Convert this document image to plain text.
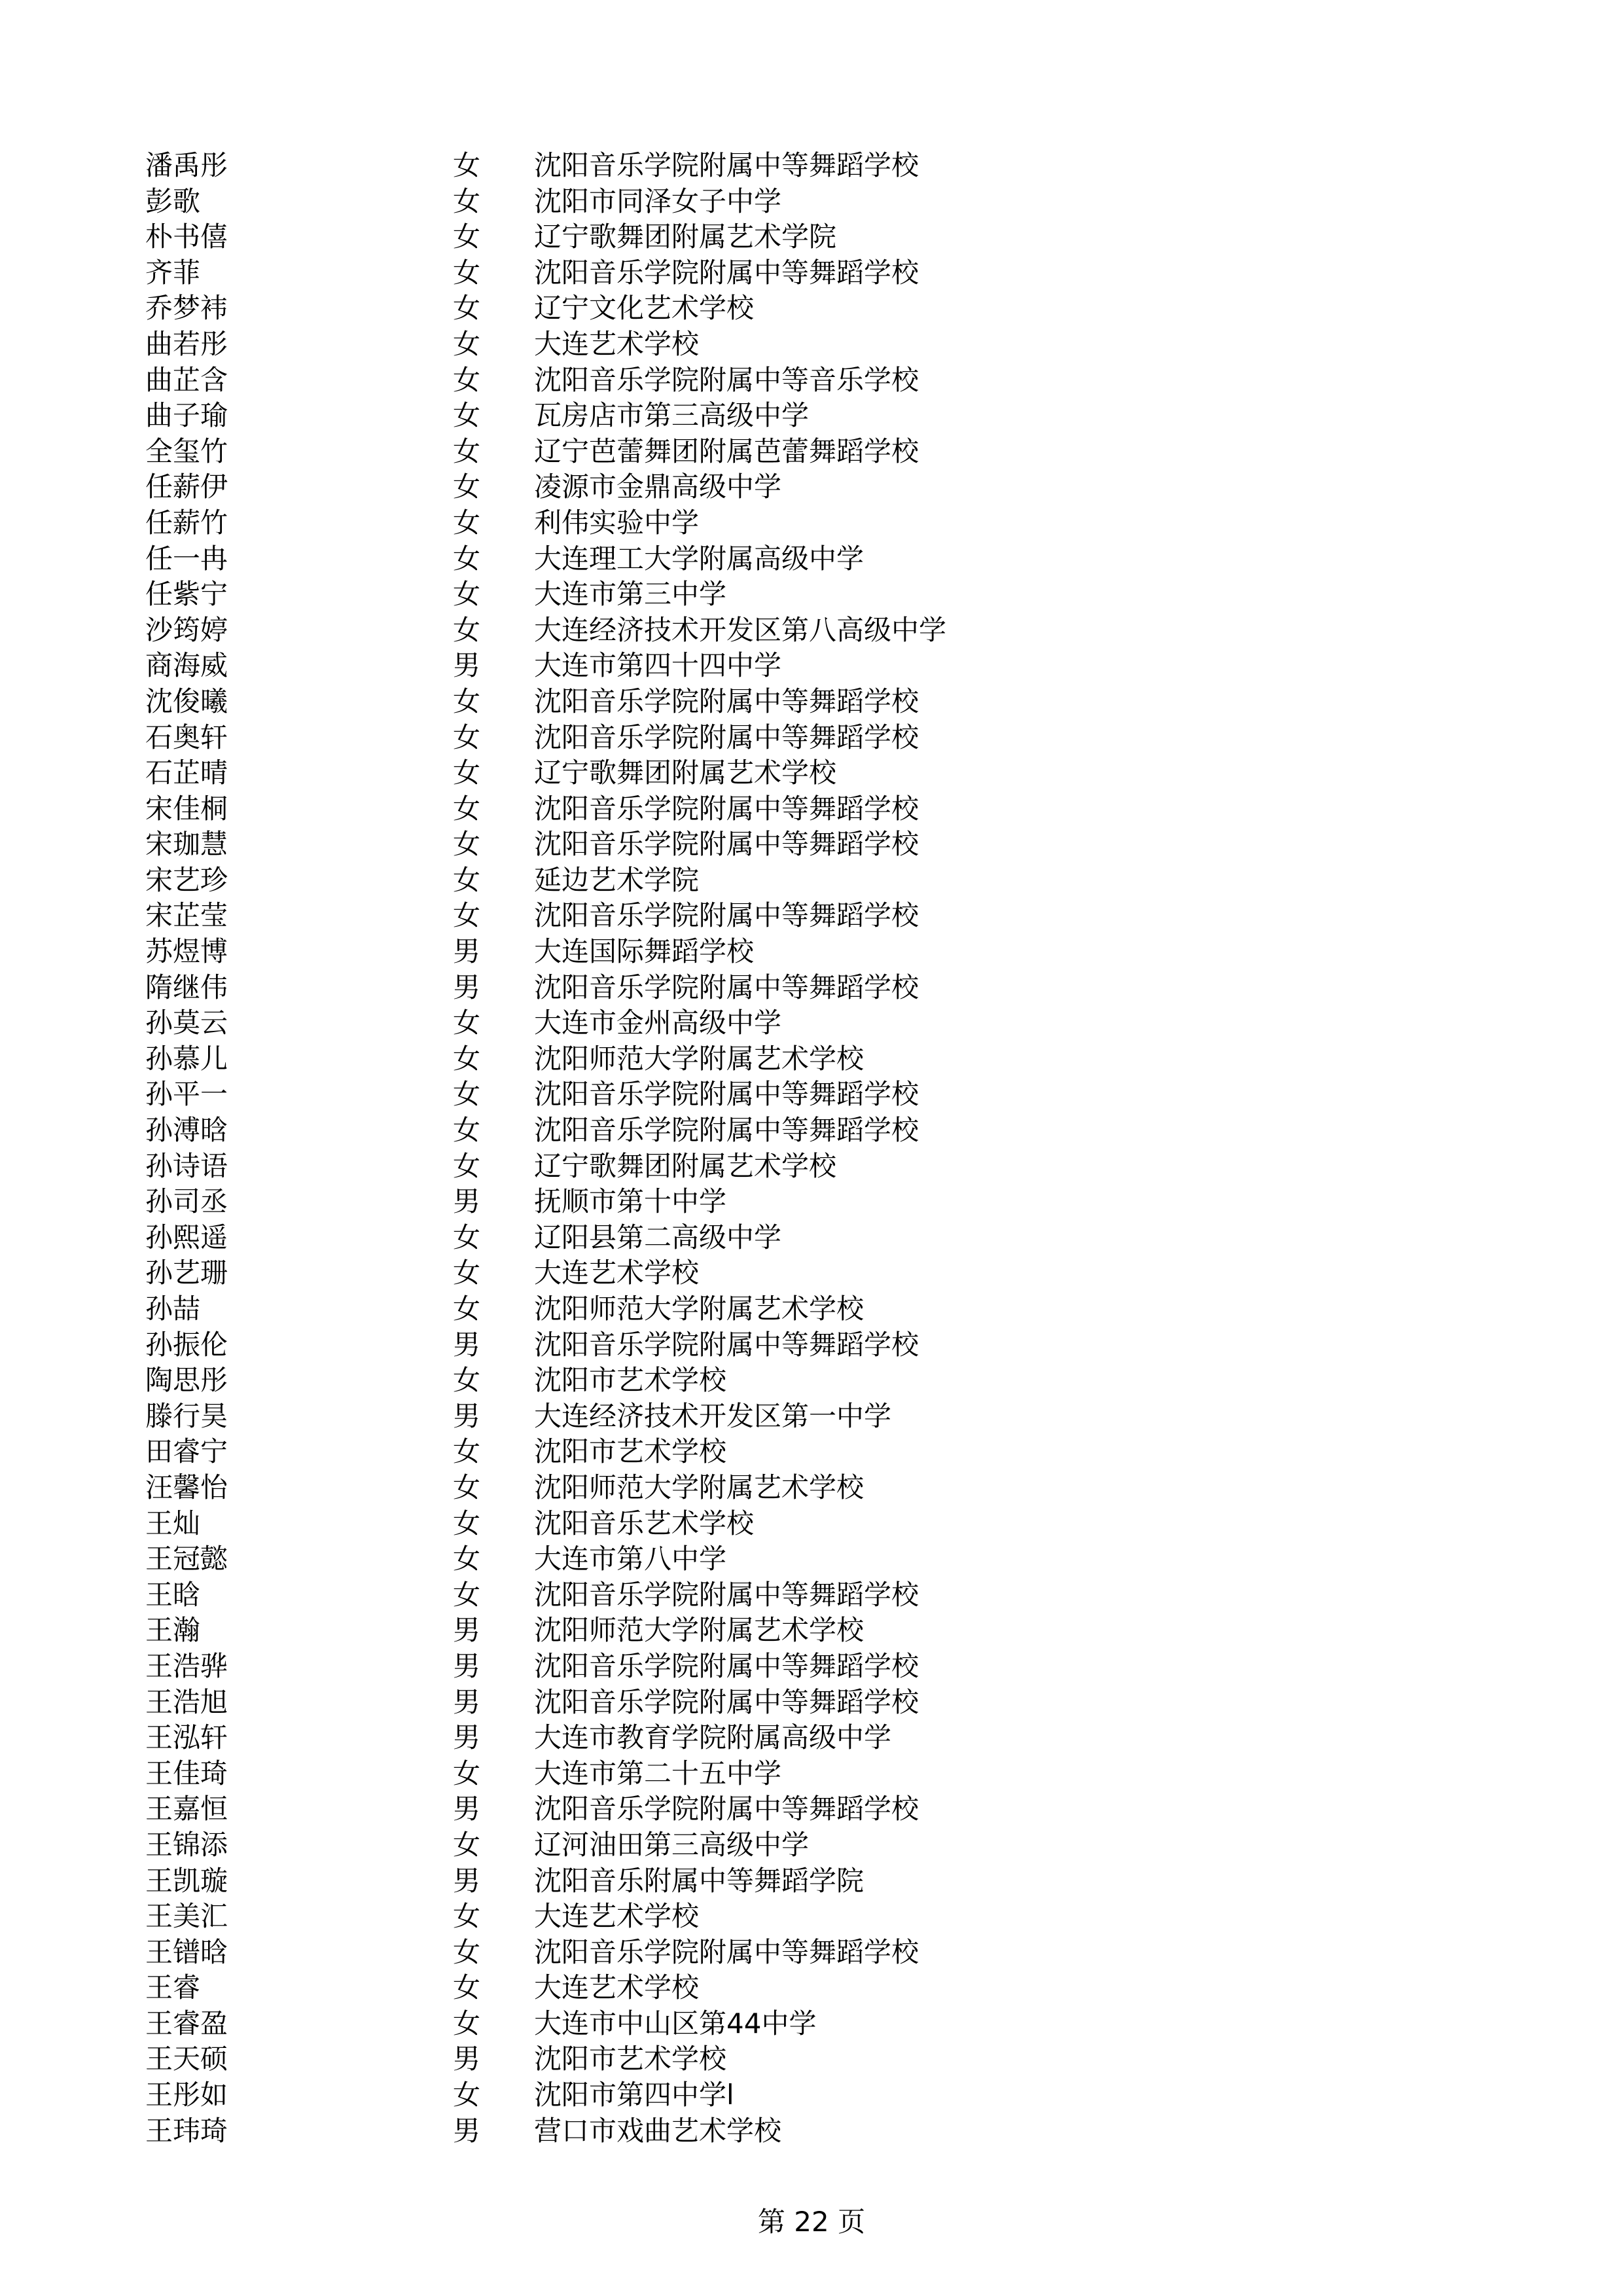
潘禹彤	女	沈阳音乐学院附属中等舞蹈学校
彭歌	女	沈阳市同泽女子中学
朴书僖	女	辽宁歌舞团附属艺术学院
齐菲	女	沈阳音乐学院附属中等舞蹈学校
乔梦袆	女	辽宁文化艺术学校
曲若彤	女	大连艺术学校
曲芷含	女	沈阳音乐学院附属中等音乐学校
曲子瑜	女	瓦房店市第三高级中学
全玺竹	女	辽宁芭蕾舞团附属芭蕾舞蹈学校
任薪伊	女	凌源市金鼎高级中学
任薪竹	女	利伟实验中学
任一冉	女	大连理工大学附属高级中学
任紫宁	女	大连市第三中学
沙筠婷	女	大连经济技术开发区第八高级中学
商海威	男	大连市第四十四中学
沈俊曦	女	沈阳音乐学院附属中等舞蹈学校
石奥轩	女	沈阳音乐学院附属中等舞蹈学校
石芷晴	女	辽宁歌舞团附属艺术学校
宋佳桐	女	沈阳音乐学院附属中等舞蹈学校
宋珈慧	女	沈阳音乐学院附属中等舞蹈学校
宋艺珍	女	延边艺术学院
宋芷莹	女	沈阳音乐学院附属中等舞蹈学校
苏煜博	男	大连国际舞蹈学校
隋继伟	男	沈阳音乐学院附属中等舞蹈学校
孙莫云	女	大连市金州高级中学
孙慕儿	女	沈阳师范大学附属艺术学校
孙平一	女	沈阳音乐学院附属中等舞蹈学校
孙溥晗	女	沈阳音乐学院附属中等舞蹈学校
孙诗语	女	辽宁歌舞团附属艺术学校
孙司丞	男	抚顺市第十中学
孙熙遥	女	辽阳县第二高级中学
孙艺珊	女	大连艺术学校
孙喆	女	沈阳师范大学附属艺术学校
孙振伦	男	沈阳音乐学院附属中等舞蹈学校
陶思彤	女	沈阳市艺术学校
滕行昊	男	大连经济技术开发区第一中学
田睿宁	女	沈阳市艺术学校
汪馨怡	女	沈阳师范大学附属艺术学校
王灿	女	沈阳音乐艺术学校
王冠懿	女	大连市第八中学
王晗	女	沈阳音乐学院附属中等舞蹈学校
王瀚	男	沈阳师范大学附属艺术学校
王浩骅	男	沈阳音乐学院附属中等舞蹈学校
王浩旭	男	沈阳音乐学院附属中等舞蹈学校
王泓轩	男	大连市教育学院附属高级中学
王佳琦	女	大连市第二十五中学
王嘉恒	男	沈阳音乐学院附属中等舞蹈学校
王锦添	女	辽河油田第三高级中学
王凯璇	男	沈阳音乐附属中等舞蹈学院
王美汇	女	大连艺术学校
王镨晗	女	沈阳音乐学院附属中等舞蹈学校
王睿	女	大连艺术学校
王睿盈	女	大连市中山区第44中学
王天硕	男	沈阳市艺术学校
王彤如	女	沈阳市第四中学l
王玮琦	男	营口市戏曲艺术学校
第 22 页
